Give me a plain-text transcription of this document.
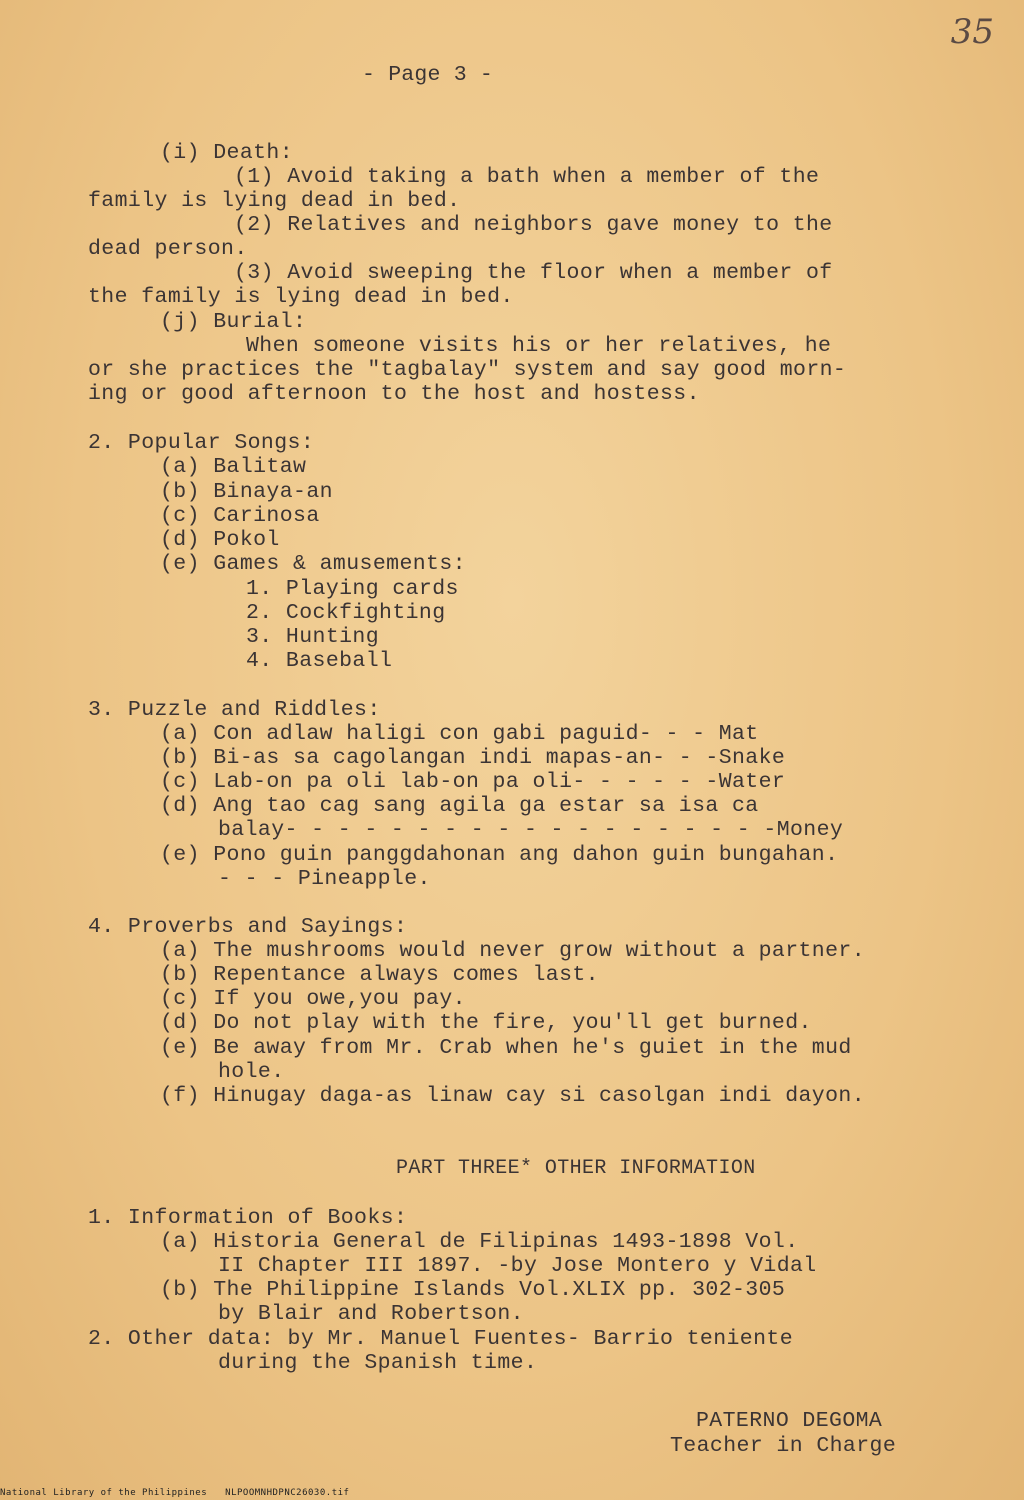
35
- Page 3 -
(i) Death:
(1) Avoid taking a bath when a member of the
family is lying dead in bed.
(2) Relatives and neighbors gave money to the
dead person.
(3) Avoid sweeping the floor when a member of
the family is lying dead in bed.
(j) Burial:
When someone visits his or her relatives, he
or she practices the "tagbalay" system and say good morn-
ing or good afternoon to the host and hostess.
2. Popular Songs:
(a) Balitaw
(b) Binaya-an
(c) Carinosa
(d) Pokol
(e) Games & amusements:
1. Playing cards
2. Cockfighting
3. Hunting
4. Baseball
3. Puzzle and Riddles:
(a) Con adlaw haligi con gabi paguid- - - Mat
(b) Bi-as sa cagolangan indi mapas-an- - -Snake
(c) Lab-on pa oli lab-on pa oli- - - - - -Water
(d) Ang tao cag sang agila ga estar sa isa ca
balay- - - - - - - - - - - - - - - - - - -Money
(e) Pono guin panggdahonan ang dahon guin bungahan.
- - - Pineapple.
4. Proverbs and Sayings:
(a) The mushrooms would never grow without a partner.
(b) Repentance always comes last.
(c) If you owe,you pay.
(d) Do not play with the fire, you'll get burned.
(e) Be away from Mr. Crab when he's guiet in the mud
hole.
(f) Hinugay daga-as linaw cay si casolgan indi dayon.
PART THREE* OTHER INFORMATION
1. Information of Books:
(a) Historia General de Filipinas 1493-1898 Vol.
II Chapter III 1897. -by Jose Montero y Vidal
(b) The Philippine Islands Vol.XLIX pp. 302-305
by Blair and Robertson.
2. Other data: by Mr. Manuel Fuentes- Barrio teniente
during the Spanish time.
PATERNO DEGOMA
Teacher in Charge
National Library of the Philippines NLPOOMNHDPNC26030.tif
